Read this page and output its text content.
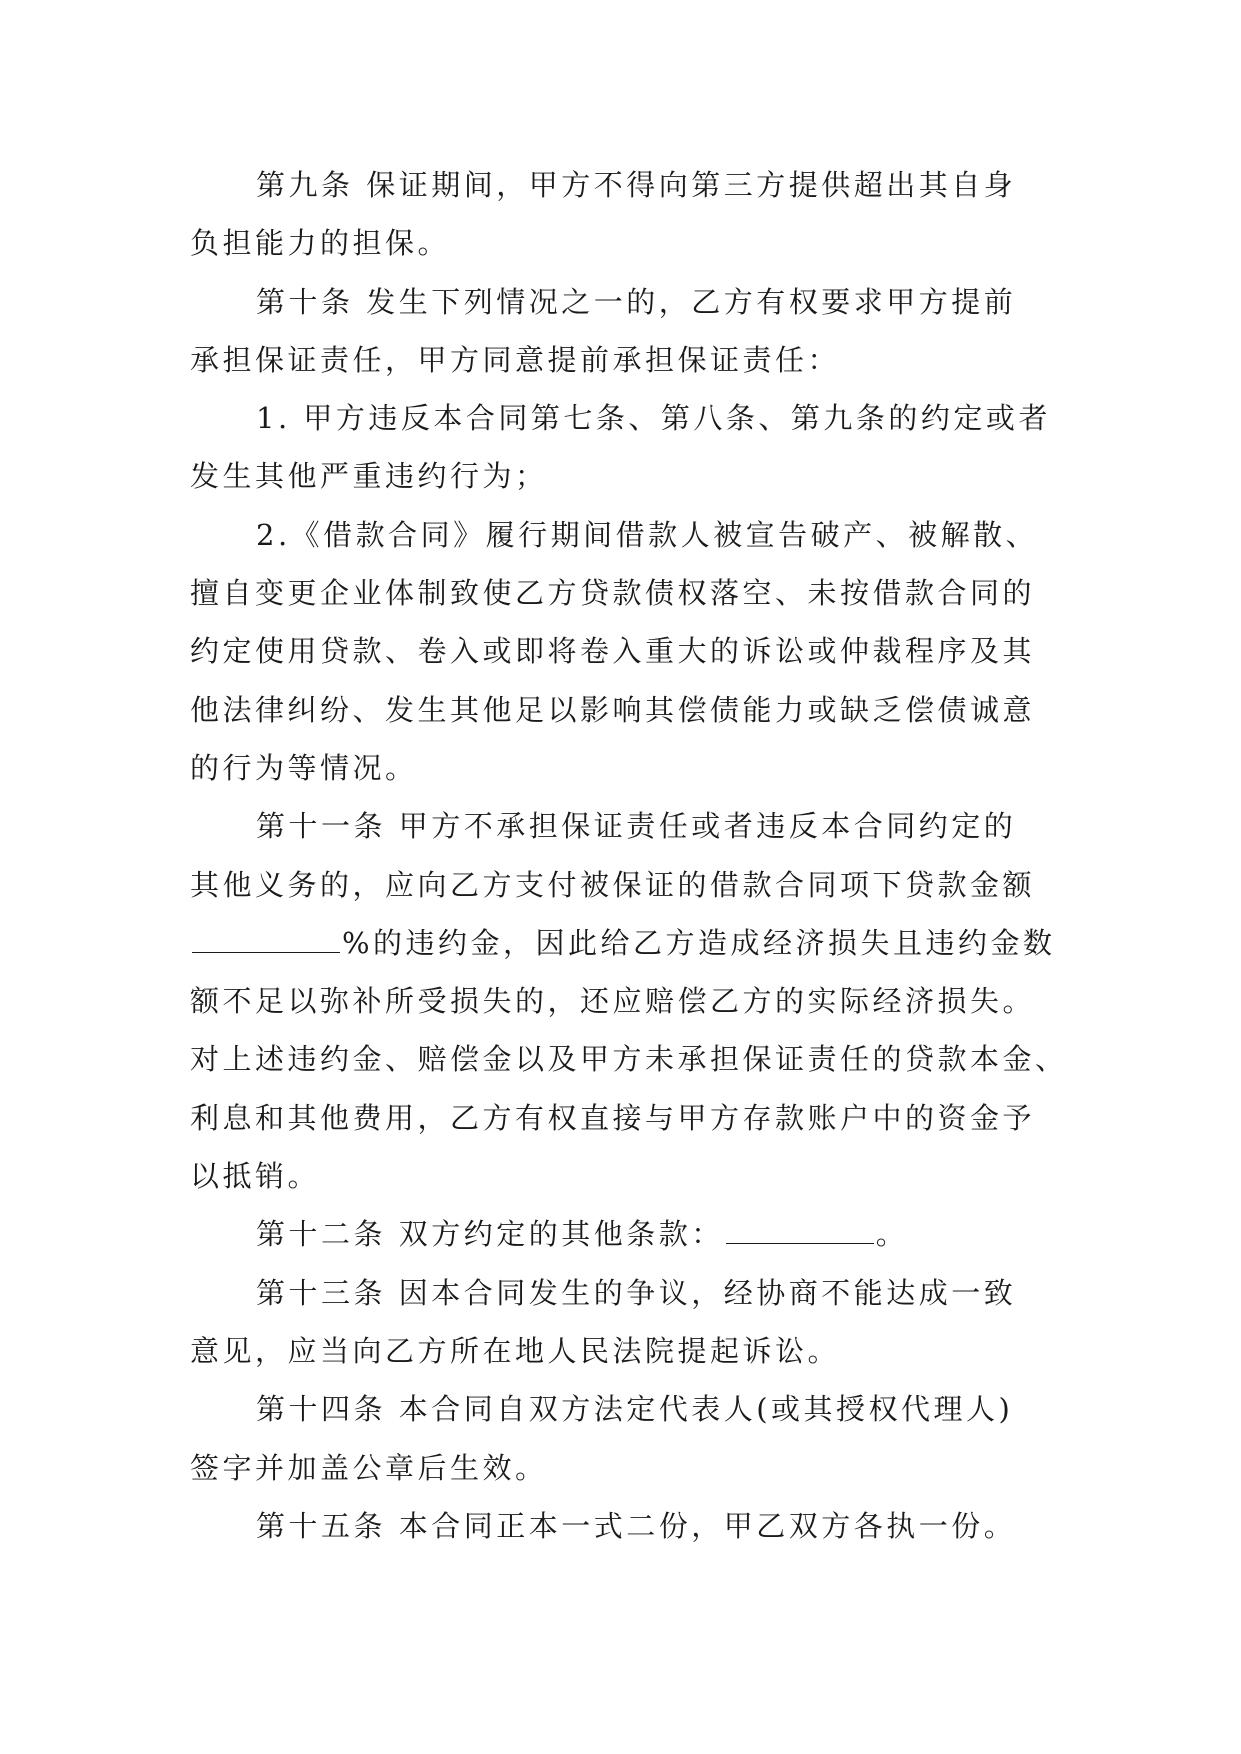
第九条 保证期间，甲方不得向第三方提供超出其自身
负担能力的担保。
第十条 发生下列情况之一的，乙方有权要求甲方提前
承担保证责任，甲方同意提前承担保证责任：
1. 甲方违反本合同第七条、第八条、第九条的约定或者
发生其他严重违约行为；
2.《借款合同》履行期间借款人被宣告破产、被解散、
擅自变更企业体制致使乙方贷款债权落空、未按借款合同的
约定使用贷款、卷入或即将卷入重大的诉讼或仲裁程序及其
他法律纠纷、发生其他足以影响其偿债能力或缺乏偿债诚意
的行为等情况。
第十一条 甲方不承担保证责任或者违反本合同约定的
其他义务的，应向乙方支付被保证的借款合同项下贷款金额
%的违约金，因此给乙方造成经济损失且违约金数
额不足以弥补所受损失的，还应赔偿乙方的实际经济损失。
对上述违约金、赔偿金以及甲方未承担保证责任的贷款本金、
利息和其他费用，乙方有权直接与甲方存款账户中的资金予
以抵销。
第十二条 双方约定的其他条款：	。
第十三条 因本合同发生的争议，经协商不能达成一致
意见，应当向乙方所在地人民法院提起诉讼。
第十四条 本合同自双方法定代表人(或其授权代理人)
签字并加盖公章后生效。
第十五条 本合同正本一式二份，甲乙双方各执一份。
